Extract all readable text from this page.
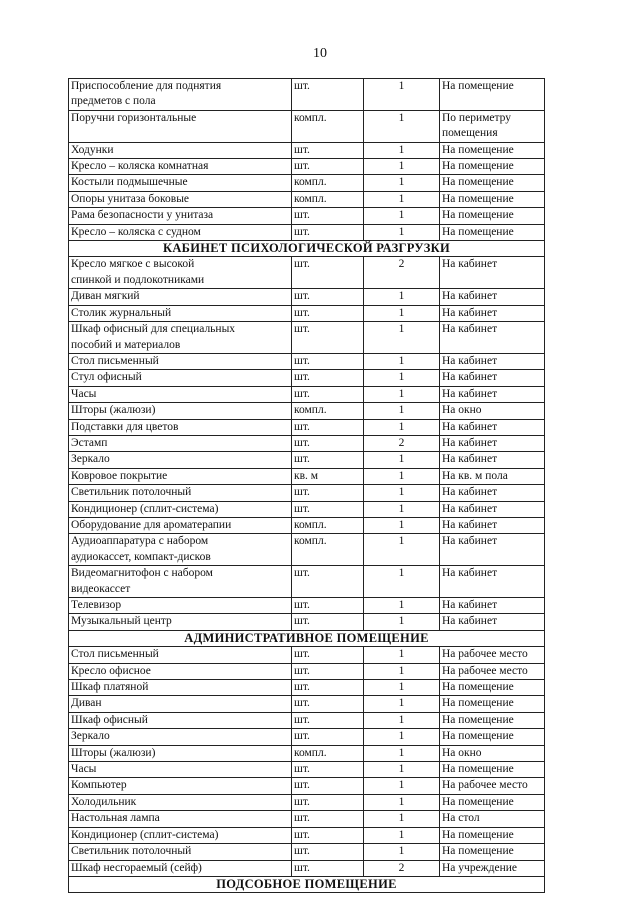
10
Приспособление для поднятия
предметов с пола	шт.	1	На помещение
Поручни горизонтальные	компл.	1	По периметру
помещения
Ходунки	шт.	1	На помещение
Кресло – коляска комнатная	шт.	1	На помещение
Костыли подмышечные	компл.	1	На помещение
Опоры унитаза боковые	компл.	1	На помещение
Рама безопасности у унитаза	шт.	1	На помещение
Кресло – коляска с судном	шт.	1	На помещение
КАБИНЕТ ПСИХОЛОГИЧЕСКОЙ РАЗГРУЗКИ			
Кресло мягкое с высокой
спинкой и подлокотниками	шт.	2	На кабинет
Диван мягкий	шт.	1	На кабинет
Столик журнальный	шт.	1	На кабинет
Шкаф офисный для специальных
пособий и материалов	шт.	1	На кабинет
Стол письменный	шт.	1	На кабинет
Стул офисный	шт.	1	На кабинет
Часы	шт.	1	На кабинет
Шторы (жалюзи)	компл.	1	На окно
Подставки для цветов	шт.	1	На кабинет
Эстамп	шт.	2	На кабинет
Зеркало	шт.	1	На кабинет
Ковровое покрытие	кв. м	1	На кв. м пола
Светильник потолочный	шт.	1	На кабинет
Кондиционер (сплит-система)	шт.	1	На кабинет
Оборудование для ароматерапии	компл.	1	На кабинет
Аудиоаппаратура с набором
аудиокассет, компакт-дисков	компл.	1	На кабинет
Видеомагнитофон с набором
видеокассет	шт.	1	На кабинет
Телевизор	шт.	1	На кабинет
Музыкальный центр	шт.	1	На кабинет
АДМИНИСТРАТИВНОЕ ПОМЕЩЕНИЕ			
Стол письменный	шт.	1	На рабочее место
Кресло офисное	шт.	1	На рабочее место
Шкаф платяной	шт.	1	На помещение
Диван	шт.	1	На помещение
Шкаф офисный	шт.	1	На помещение
Зеркало	шт.	1	На помещение
Шторы (жалюзи)	компл.	1	На окно
Часы	шт.	1	На помещение
Компьютер	шт.	1	На рабочее место
Холодильник	шт.	1	На помещение
Настольная лампа	шт.	1	На стол
Кондиционер (сплит-система)	шт.	1	На помещение
Светильник потолочный	шт.	1	На помещение
Шкаф несгораемый (сейф)	шт.	2	На учреждение
ПОДСОБНОЕ ПОМЕЩЕНИЕ			
